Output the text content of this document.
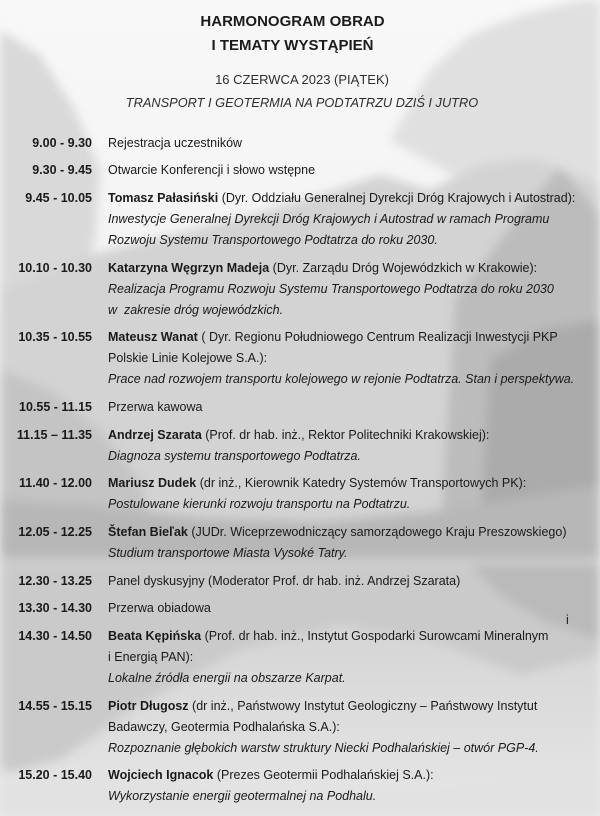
HARMONOGRAM OBRAD
I TEMATY WYSTĄPIEŃ
16 CZERWCA 2023 (PIĄTEK)
TRANSPORT I GEOTERMIA NA PODTATRZU DZIŚ I JUTRO
9.00 - 9.30 Rejestracja uczestników
9.30 - 9.45 Otwarcie Konferencji i słowo wstępne
9.45 - 10.05 Tomasz Pałasiński (Dyr. Oddziału Generalnej Dyrekcji Dróg Krajowych i Autostrad):
Inwestycje Generalnej Dyrekcji Dróg Krajowych i Autostrad w ramach Programu
Rozwoju Systemu Transportowego Podtatrza do roku 2030.
10.10 - 10.30 Katarzyna Węgrzyn Madeja (Dyr. Zarządu Dróg Wojewódzkich w Krakowie):
Realizacja Programu Rozwoju Systemu Transportowego Podtatrza do roku 2030
w  zakresie dróg wojewódzkich.
10.35 - 10.55 Mateusz Wanat ( Dyr. Regionu Południowego Centrum Realizacji Inwestycji PKP
Polskie Linie Kolejowe S.A.):
Prace nad rozwojem transportu kolejowego w rejonie Podtatrza. Stan i perspektywa.
10.55 - 11.15 Przerwa kawowa
11.15 – 11.35 Andrzej Szarata (Prof. dr hab. inż., Rektor Politechniki Krakowskiej):
Diagnoza systemu transportowego Podtatrza.
11.40 - 12.00 Mariusz Dudek (dr inż., Kierownik Katedry Systemów Transportowych PK):
Postulowane kierunki rozwoju transportu na Podtatrzu.
12.05 - 12.25 Štefan Bieľak (JUDr. Wiceprzewodniczący samorządowego Kraju Preszowskiego)
Studium transportowe Miasta Vysoké Tatry.
12.30 - 13.25 Panel dyskusyjny (Moderator Prof. dr hab. inż. Andrzej Szarata)
13.30 - 14.30 Przerwa obiadowa
14.30 - 14.50 Beata Kępińska (Prof. dr hab. inż., Instytut Gospodarki Surowcami Mineralnym
i Energią PAN):
Lokalne źródła energii na obszarze Karpat.
14.55 - 15.15 Piotr Długosz (dr inż., Państwowy Instytut Geologiczny – Państwowy Instytut
Badawczy, Geotermia Podhalańska S.A.):
Rozpoznanie głębokich warstw struktury Niecki Podhalańskiej – otwór PGP-4.
15.20 - 15.40 Wojciech Ignacok (Prezes Geotermii Podhalańskiej S.A.):
Wykorzystanie energii geotermalnej na Podhalu.
i
